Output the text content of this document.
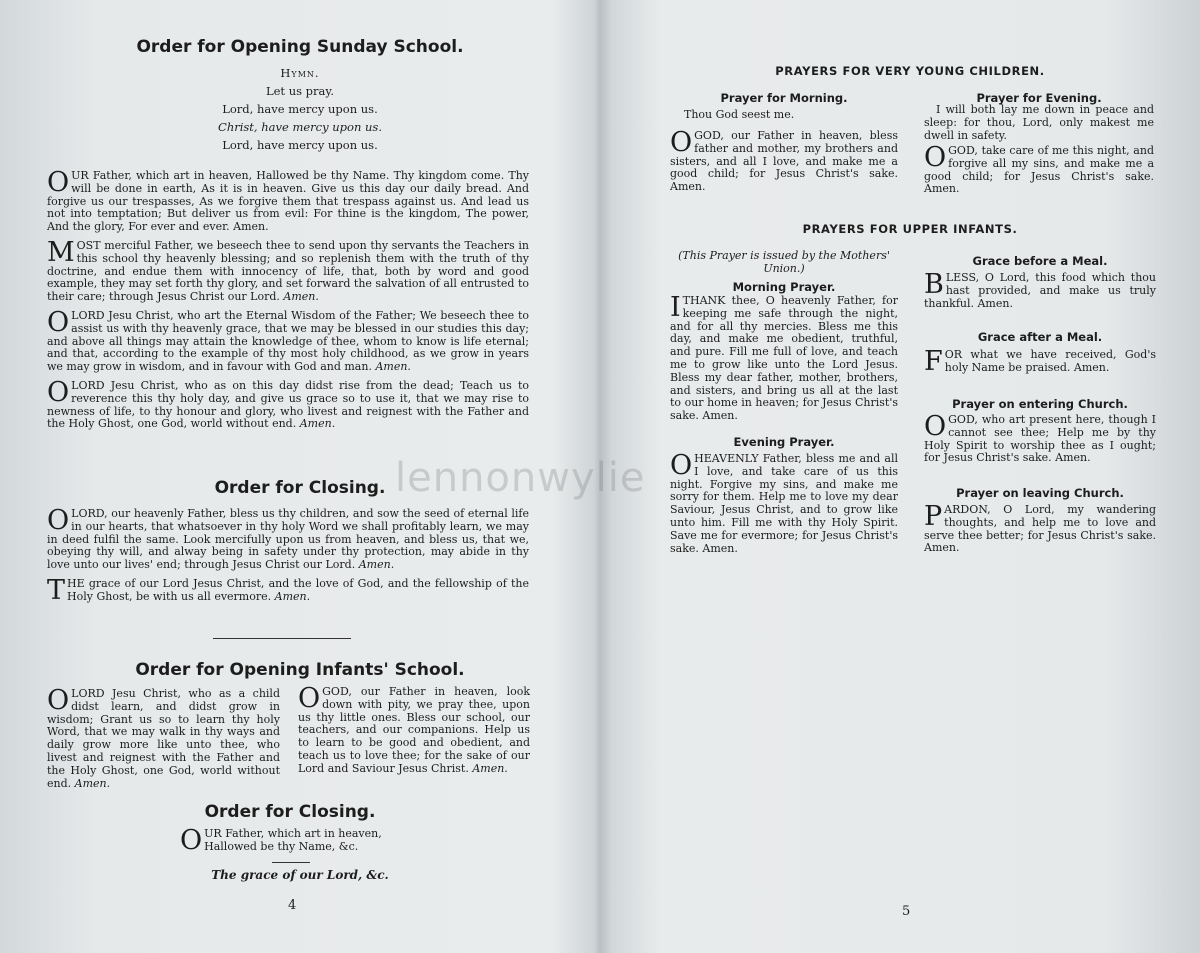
lennonwylie
Order for Opening Sunday School.
Hymn.
Let us pray.
Lord, have mercy upon us.
Christ, have mercy upon us.
Lord, have mercy upon us.

OUR Father, which art in heaven, Hallowed be thy Name. Thy kingdom come. Thy will be done in earth, As it is in heaven. Give us this day our daily bread. And forgive us our trespasses, As we forgive them that trespass against us. And lead us not into temptation; But deliver us from evil: For thine is the kingdom, The power, And the glory, For ever and ever. Amen.

MOST merciful Father, we beseech thee to send upon thy servants the Teachers in this school thy heavenly blessing; and so replenish them with the truth of thy doctrine, and endue them with innocency of life, that, both by word and good example, they may set forth thy glory, and set forward the salvation of all entrusted to their care; through Jesus Christ our Lord. Amen.

O LORD Jesu Christ, who art the Eternal Wisdom of the Father; We beseech thee to assist us with thy heavenly grace, that we may be blessed in our studies this day; and above all things may attain the knowledge of thee, whom to know is life eternal; and that, according to the example of thy most holy childhood, as we grow in years we may grow in wisdom, and in favour with God and man. Amen.

O LORD Jesu Christ, who as on this day didst rise from the dead; Teach us to reverence this thy holy day, and give us grace so to use it, that we may rise to newness of life, to thy honour and glory, who livest and reignest with the Father and the Holy Ghost, one God, world without end. Amen.

Order for Closing.

O LORD, our heavenly Father, bless us thy children, and sow the seed of eternal life in our hearts, that whatsoever in thy holy Word we shall profitably learn, we may in deed fulfil the same. Look mercifully upon us from heaven, and bless us, that we, obeying thy will, and alway being in safety under thy protection, may abide in thy love unto our lives' end; through Jesus Christ our Lord. Amen.

THE grace of our Lord Jesus Christ, and the love of God, and the fellowship of the Holy Ghost, be with us all evermore. Amen.

Order for Opening Infants' School.

O LORD Jesu Christ, who as a child didst learn, and didst grow in wisdom; Grant us so to learn thy holy Word, that we may walk in thy ways and daily grow more like unto thee, who livest and reignest with the Father and the Holy Ghost, one God, world without end. Amen.

O GOD, our Father in heaven, look down with pity, we pray thee, upon us thy little ones. Bless our school, our teachers, and our companions. Help us to learn to be good and obedient, and teach us to love thee; for the sake of our Lord and Saviour Jesus Christ. Amen.

Order for Closing.

OUR Father, which art in heaven, Hallowed be thy Name, &c.

The grace of our Lord, &c.
4
PRAYERS FOR VERY YOUNG CHILDREN.
Prayer for Morning.
Thou God seest me.

O GOD, our Father in heaven, bless father and mother, my brothers and sisters, and all I love, and make me a good child; for Jesus Christ's sake. Amen.

Prayer for Evening.

I will both lay me down in peace and sleep: for thou, Lord, only makest me dwell in safety.

O GOD, take care of me this night, and forgive all my sins, and make me a good child; for Jesus Christ's sake. Amen.

PRAYERS FOR UPPER INFANTS.
(This Prayer is issued by the Mothers' Union.)
Morning Prayer.

I THANK thee, O heavenly Father, for keeping me safe through the night, and for all thy mercies. Bless me this day, and make me obedient, truthful, and pure. Fill me full of love, and teach me to grow like unto the Lord Jesus. Bless my dear father, mother, brothers, and sisters, and bring us all at the last to our home in heaven; for Jesus Christ's sake. Amen.

Evening Prayer.

O HEAVENLY Father, bless me and all I love, and take care of us this night. Forgive my sins, and make me sorry for them. Help me to love my dear Saviour, Jesus Christ, and to grow like unto him. Fill me with thy Holy Spirit. Save me for evermore; for Jesus Christ's sake. Amen.

Grace before a Meal.

BLESS, O Lord, this food which thou hast provided, and make us truly thankful. Amen.

Grace after a Meal.

FOR what we have received, God's holy Name be praised. Amen.

Prayer on entering Church.

O GOD, who art present here, though I cannot see thee; Help me by thy Holy Spirit to worship thee as I ought; for Jesus Christ's sake. Amen.

Prayer on leaving Church.

PARDON, O Lord, my wandering thoughts, and help me to love and serve thee better; for Jesus Christ's sake. Amen.

5
